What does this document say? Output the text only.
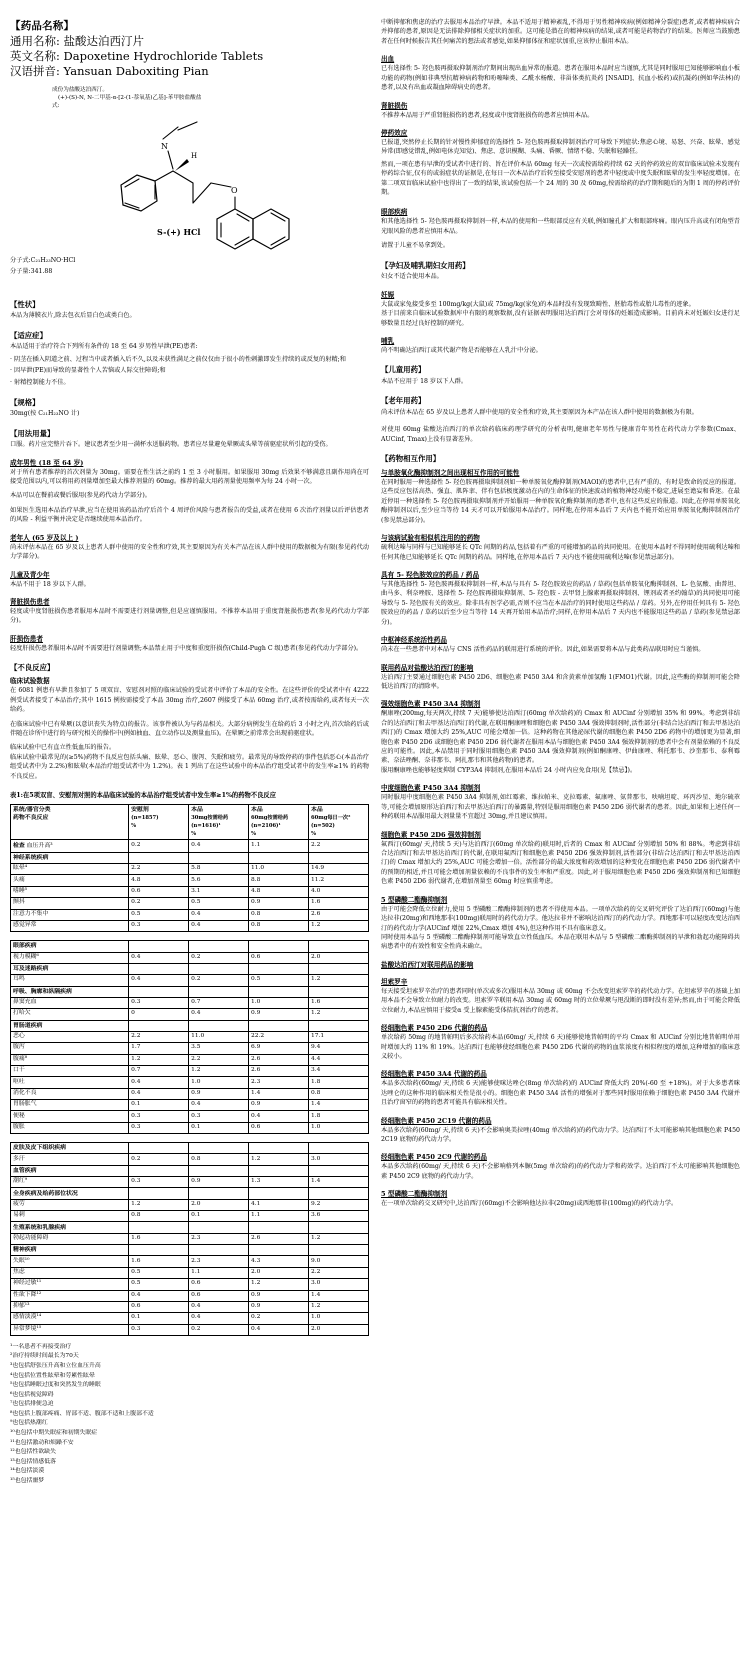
【药品名称】
通用名称: 盐酸达泊西汀片
英文名称: Dapoxetine Hydrochloride Tablets
汉语拼音: Yansuan Daboxiting Pian
成份为盐酸达泊西汀。
(+)-(S)-N, N-二甲基-α-[2-(1-萘氧基)乙基]-苯甲胺盐酸盐
式:
N
H
O
S-(+) HCl
分子式:C₂₁H₂₃NO·HCl
分子量:341.88
【性状】

本品为薄膜衣片,除去包衣后显白色或类白色。

【适应症】

本品适用于治疗符合下列所有条件的 18 至 64 岁男性早泄(PE)患者:

· 阴茎在插入阴道之前、过程当中或者插入后不久,以及未获性满足之前仅仅由于很小的性刺激即发生持续的或反复的射精;和
· 因早泄(PE)而导致的显著性个人苦恼或人际交往障碍;和
· 射精控制能力不佳。
【规格】

30mg(按 C₂₁H₂₃NO 计)

【用法用量】

口服。药片应完整片吞下。建议患者至少用一满杯水送服药物。患者应尽量避免晕厥或头晕等前驱症状所引起的受伤。

成年男性 (18 至 64 岁)

对于所有患者推荐的首次剂量为 30mg。需要在性生活之前约 1 至 3 小时服用。如果服用 30mg 后效果不够满意且副作用尚在可接受范围以内,可以将用药剂量增加至最大推荐剂量的 60mg。推荐的最大用药剂量使用频率为每 24 小时一次。

本品可以在餐前或餐后服用(参见药代动力学部分)。

如果医生选用本品治疗早泄,应当在使用该药品治疗后首个 4 周评价风险与患者报告的受益,或者在使用 6 次治疗剂量以后评估患者的风险 - 利益平衡并决定是否继续使用本品治疗。

老年人 (65 岁及以上 )

尚未评估本品在 65 岁及以上患者人群中使用的安全性和疗效,其主要原因为有关本产品在该人群中使用的数据极为有限(参见药代动力学部分)。

儿童及青少年

本品不用于 18 岁以下人群。

肾脏损伤患者

轻度或中度肾脏损伤患者服用本品时不需要进行剂量调整,但是应谨慎服用。不推荐本品用于重度肾脏损伤患者(参见药代动力学部分)。

肝损伤患者

轻度肝损伤患者服用本品时不需要进行剂量调整;本品禁止用于中度和重度肝损伤(Child-Pugh C 级)患者(参见药代动力学部分)。

【不良反应】
临床试验数据

在 6081 例患有早泄且参加了 5 项双盲、安慰剂对照的临床试验的受试者中评价了本品的安全性。在这些评价的受试者中有 4222 例受试者接受了本品治疗;其中 1615 例按需接受了本品 30mg 治疗,2607 例接受了本品 60mg 治疗,或者按需给药,或者每天一次给药。

在临床试验中已有晕厥(以意识丧失为特点)的报告。该事件被认为与药品相关。大部分病例发生在给药后 3 小时之内,首次给药后或伴随在诊所中进行的与研究相关的操作中(例如抽血、直立动作以及测量血压)。在晕厥之前常常会出现前驱症状。

临床试验中已有直立性低血压的报告。

临床试验中最常见的(≥5%)药物不良反应包括头痛、眩晕、恶心、腹泻、失眠和疲劳。最常见的导致停药的事件包括恶心(本品治疗组受试者中为 2.2%)和眩晕(本品治疗组受试者中为 1.2%)。表 1 列出了在这些试验中的本品治疗组受试者中的发生率≥1% 的药物不良反应。

表1:在5项双盲、安慰剂对照的本品临床试验的本品治疗组受试者中发生率≥1%的药物不良反应
系统/器官分类
药物不良反应	安慰剂
(n=1857)
%	本品
30mg按需给药
(n=1616)¹
%	本品
60mg按需给药
(n=2106)¹
%	本品
60mg每日一次²
(n=502)
%
检查 血压升高³	0.2	0.4	1.1	2.2
神经系统疾病				
眩晕⁴	2.2	5.8	11.0	14.9
头痛	4.8	5.6	8.8	11.2
嗜睡⁵	0.6	3.1	4.8	4.0
颤抖	0.2	0.5	0.9	1.6
注意力不集中	0.5	0.4	0.8	2.6
感觉异常	0.3	0.4	0.8	1.2

眼部疾病				
视力模糊⁶	0.4	0.2	0.6	2.0
耳及迷路疾病				
耳鸣	0.4	0.2	0.5	1.2
呼吸、胸廓和纵隔疾病				
鼻窦充血	0.3	0.7	1.0	1.6
打哈欠	0	0.4	0.9	1.2
胃肠道疾病				
恶心	2.2	11.0	22.2	17.1
腹泻	1.7	3.5	6.9	9.4
腹痛⁸	1.2	2.2	2.6	4.4
口干	0.7	1.2	2.6	3.4
呕吐	0.4	1.0	2.3	1.8
消化不良	0.4	0.9	1.4	0.8
胃肠胀气	0.1	0.4	0.9	1.4
便秘	0.3	0.3	0.4	1.8
腹胀	0.3	0.1	0.6	1.0

皮肤及皮下组织疾病				
多汗	0.2	0.8	1.2	3.0
血管疾病				
潮红⁹	0.3	0.9	1.3	1.4
全身疾病及给药部位状况				
疲劳	1.2	2.0	4.1	9.2
易刺	0.8	0.1	1.1	3.6
生殖系统和乳腺疾病				
勃起功能障碍	1.6	2.3	2.6	1.2
精神疾病				
失眠¹⁰	1.6	2.3	4.3	9.0
焦虑	0.5	1.1	2.0	2.2
神经过敏¹¹	0.5	0.6	1.2	3.0
性欲下降¹²	0.4	0.6	0.9	1.4
抑郁¹³	0.6	0.4	0.9	1.2
感情淡漠¹⁴	0.1	0.4	0.2	1.0
异常梦境¹⁵	0.3	0.2	0.4	2.0
¹一名患者不再接受治疗
²治疗持续时间最长为70天
³也包括舒张压升高和立位血压升高
⁴也包括位置性眩晕和劳累性眩晕
⁵也包括睡眠过度和突然发生的睡眠
⁶也包括视觉障碍
⁷也包括排便急迫
⁸也包括上腹部疼痛、胃部不适、腹部不适和上腹部不适
⁹也包括热潮红
¹⁰也包括中期失眠症和初期失眠症
¹¹也包括激动和烦躁不安
¹²也包括性欲缺失
¹³也包括情感低落
¹⁴也包括淡漠
¹⁵也包括噩梦

中断抑郁和焦虑的治疗去服用本品治疗早泄。本品不适用于精神紊乱,不得用于男性精神疾病(例如精神分裂症)患者,或者精神疾病合并抑郁的患者,原因是无法排除抑郁相关症状的加重。这可能是潜在的精神疾病的结果,或者可能是药物治疗的结果。医师应当鼓励患者在任何时候报告其任何痛苦的想法或者感觉,如果抑郁体征和症状加重,应该停止服用本品。

出血

已有选择性 5- 羟色胺再摄取抑制剂治疗期间出现出血异常的报道。患者在服用本品时应当谨慎,尤其是同时服用已知能够影响血小板功能的药物(例如非典型抗精神病药物和吩噻嗪类、乙酰水杨酸、非甾体类抗炎药 [NSAID]、抗血小板药)或抗凝药(例如华法林)的患者,以及有出血或凝血障碍病史的患者。

肾脏损伤

不推荐本品用于严重肾脏损伤的患者,轻度或中度肾脏损伤的患者应慎用本品。

停药效应

已报道,突然停止长期的针对慢性抑郁症的选择性 5- 羟色胺再摄取抑制剂治疗可导致下列症状:焦虑心境、易怒、兴奋、眩晕、感觉异常(即感觉错乱,例如电休克知觉)、焦虑、意识模糊、头痛、昏厥、情绪不稳、失眠和轻躁狂。

然而,一项在患有早泄的受试者中进行的、旨在评价本品 60mg 每天一次或按需给药持续 62 天的停药效应的双盲临床试验未发现有停药综合征,仅有的或弱症状的证据是,在每日一次本品治疗后转至接受安慰剂的患者中轻度或中度失眠和眩晕的发生率轻度增加。在第二项双盲临床试验中也得出了一致的结果,该试验包括一个 24 周的 30 及 60mg,按需给药的治疗期和随后的为期 1 周的停药评价期。

眼部疾病

和其他选择性 5- 羟色胺再摄取抑制剂一样,本品的使用和一些眼部反应有关联,例如瞳孔扩大和眼部疼痛。眼内压升高或有闭角型青光眼风险的患者应慎用本品。

请置于儿童不易拿到处。

【孕妇及哺乳期妇女用药】

妇女不适合使用本品。

妊娠

大鼠或家兔接受多至 100mg/kg(大鼠)或 75mg/kg(家兔)的本品时没有发现致畸性、胚胎毒性或胎儿毒性的迹象。

基于目前来自临床试验数据库中有限的观察数据,没有证据表明服用达泊西汀会对母体的妊娠造成影响。目前尚未对妊娠妇女进行足够数量且经过良好控制的研究。

哺乳

尚不明确达泊西汀或其代谢产物是否能够在人乳汁中分泌。

【儿童用药】

本品不应用于 18 岁以下人群。

【老年用药】

尚未评估本品在 65 岁及以上患者人群中使用的安全性和疗效,其主要原因为本产品在该人群中使用的数据极为有限。

对使用 60mg 盐酸达泊西汀的单次给药临床药理学研究的分析表明,健康老年男性与健康青年男性在药代动力学参数(Cmax、AUCinf, Tmax)上没有显著差异。

【药物相互作用】
与单胺氧化酶抑制剂之间出现相互作用的可能性

在同时服用一种选择性 5- 羟色胺再摄取抑制剂如一种单胺氧化酶抑制剂(MAOI)的患者中,已有严重的、有时是致命的反应的报道。这些反应包括高热、强直、肌阵挛、伴有包括极度激动在内的生命体征的快速波动的植物神经功能不稳定,进展至谵妄和昏迷。在最近停用一种选择性 5- 羟色胺再摄取抑制剂并开始服用一种单胺氧化酶抑制剂的患者中,也有这些反应的报道。因此,在停用单胺氧化酶抑制剂以后,至少应当等待 14 天才可以开始服用本品治疗。同样地,在停用本品后 7 天内也不能开始应用单胺氧化酶抑制剂治疗(参见禁忌部分)。

与该病试验有相似机注用的的药物

硫利达嗪与同样与已知能够延长 QTc 间期的药品,包括着有严重的可能增加药品的共同使用。在使用本品时不得同时使用硫利达嗪和任何其他已知能够延长 QTc 间期的药品。同样地,在停用本品后 7 天内也不能使用硫利达嗪(参见禁忌部分)。

具有 5- 羟色胺效应的药品 / 药品

与其他选择性 5- 羟色胺再摄取抑制剂一样,本品与具有 5- 羟色胺效应的药品 / 草药(包括单胺氧化酶抑制剂、L- 色氨酸、曲普坦、曲马多、利奈唑胺、选择性 5- 羟色胺再摄取抑制剂、5- 羟色胺 - 去甲肾上腺素再摄取抑制剂、锂剂或者圣约翰草)的共同使用可能导致与 5- 羟色胺有关的效应。除非具有医学必需,否则不应当在本品治疗的同时使用这些药品 / 草药。另外,在停用任何具有 5- 羟色胺效应的药品 / 草药以后至少应当等待 14 天再开始用本品治疗;同样,在停用本品后 7 天内也不能服用这些药品 / 草药(参见禁忌部分)。

中枢神经系统活性药品

尚未在一些患者中对本品与 CNS 活性药品的联用进行系统的评价。因此,如果需要将本品与此类药品联用时应当谨慎。

联用药品对盐酸达泊西汀的影响

达泊西汀主要通过细胞色素 P450 2D6、细胞色素 P450 3A4 和含黄素单加氢酶 1(FMO1)代谢。因此,这些酶的抑制剂可能会降低达泊西汀的清除率。

强效细胞色素 P450 3A4 抑制剂

酮康唑(200mg,每天两次,持续 7 天)能够使达泊西汀(60mg 单次给药)的 Cmax 和 AUCinf 分别增加 35% 和 99%。考虑到非结合的达泊西汀和去甲基达泊西汀的代谢,在联用酮康唑和细胞色素 P450 3A4 强效抑制剂时,活性部分(非结合达泊西汀和去甲基达泊西汀)的 Cmax 增加大约 25%,AUC 可能会增加一倍。这种药物在其他泌尿代谢的细胞色素 P450 2D6 药物中的增加更为显著,细胞色素 P450 2D6 或细胞色素 P450 2D6 弱代谢者在服用本品与细胞色素 P450 3A4 强效抑制剂的患者中会有剂量依赖的不良反应的可能性。因此,本品禁用于同时服用细胞色素 P450 3A4 强效抑制剂(例如酮康唑、伊曲康唑、利托那韦、沙奎那韦、泰利霉素、奈法唑酮、奈非那韦、阿扎那韦和其他药物)的患者。

服用酮康唑也能够轻度抑制 CYP3A4 抑制剂,在服用本品后 24 小时内应免食用(见【禁忌】)。

中度细胞色素 P450 3A4 抑制剂

同时服用中度细胞色素 P450 3A4 抑制剂,如红霉素、维拉帕米、克拉霉素、氟康唑、氨普那韦、呋喃坦啶、环丙沙星、地尔硫䓬等,可能会增加原形达泊西汀和去甲基达泊西汀的暴露量,特别是服用细胞色素 P450 2D6 弱代谢者的患者。因此,如果和上述任何一种药联用本品服用最大剂量量不宜超过 30mg,并且建议慎用。

细胞色素 P450 2D6 强效抑制剂

氟西汀(60mg/ 天,持续 5 天)与达泊西汀(60mg 单次给药)联用时,后者的 Cmax 和 AUCinf 分别增加 50% 和 88%。考虑到非结合达泊西汀和去甲基达泊西汀的代谢,在联用氟西汀和细胞色素 P450 2D6 强效抑制剂,活性部分(非结合达泊西汀和去甲基达泊西汀)的 Cmax 增加大约 25%,AUC 可能会增加一倍。活性部分的最大浓度和药效增加的这种变化在细胞色素 P450 2D6 弱代谢者中的预期的相近,并且可能会增加剂量依赖的不良事件的发生率和严重度。因此,对于服用细胞色素 P450 2D6 强效抑制剂和已知细胞色素 P450 2D6 弱代谢者,在增加剂量至 60mg 时应慎重考虑。

5 型磷酸二酯酶抑制剂

由于可能会降低立位耐力,使用 5 型磷酸二酯酶抑制剂的患者不得使用本品。一项单次给药的交叉研究评价了达泊西汀(60mg)与他达拉非(20mg)和西地那非(100mg)联用时的药代动力学。他达拉非并不影响达泊西汀的药代动力学。西地那非可以轻度改变达泊西汀的药代动力学(AUCinf 增加 22%,Cmax 增加 4%),但这种作用不具有临床意义。

同时使用本品与 5 型磷酸二酯酶抑制剂可能导致直立性低血压。本品在联用本品与 5 型磷酸二酯酶抑制剂的早泄和勃起功能障碍共病患者中的有效性和安全性尚未确立。

盐酸达泊西汀对联用药品的影响
坦索罗辛

每天接受坦索罗辛治疗的患者同时(单次或多次)服用本品 30mg 或 60mg 不会改变坦索罗辛的药代动力学。在坦索罗辛的基础上加用本品不会导致立位耐力的改变。坦索罗辛联用本品 30mg 或 60mg 时的立位晕厥与甩没断的即时没有差异;然而,由于可能会降低立位耐力,本品应慎用于接受α 受上腺素能受体拮抗剂治疗的患者。

经细胞色素 P450 2D6 代谢的药品

单次给药 50mg 的地昔帕明后多次给药本品(60mg/ 天,持续 6 天)能够使地昔帕明的平均 Cmax 和 AUCinf 分别比地昔帕明单用时增加大约 11% 和 19%。达泊西汀也能够使经细胞色素 P450 2D6 代谢的药物的血浆浓度有相似程度的增加,这种增加的临床意义较小。

经细胞色素 P450 3A4 代谢的药品

本品多次给药(60mg/ 天,持续 6 天)能够使咪达唑仑(8mg 单次给药)的 AUCinf 降低大约 20%(-60 至 +18%)。对于大多患者咪达唑仑的这种作用的临床相关性是很小的。细胞色素 P450 3A4 活性的增强对于那些同时服用依赖于细胞色素 P450 3A4 代谢并且治疗窗窄的药物的患者可能具有临床相关性。

经细胞色素 P450 2C19 代谢的药品

本品多次给药(60mg/ 天,持续 6 天)不会影响奥美拉唑(40mg 单次给药)的药代动力学。达泊西汀不太可能影响其他细胞色素 P450 2C19 底物的药代动力学。

经细胞色素 P450 2C9 代谢的药品

本品多次给药(60mg/ 天,持续 6 天)不会影响格列本脲(5mg 单次给药)的药代动力学和药效学。达泊西汀不太可能影响其他细胞色素 P450 2C9 底物的药代动力学。

5 型磷酸二酯酶抑制剂

在一项单次给药交叉研究中,达泊西汀(60mg)不会影响他达拉非(20mg)或西地那非(100mg)的药代动力学。
